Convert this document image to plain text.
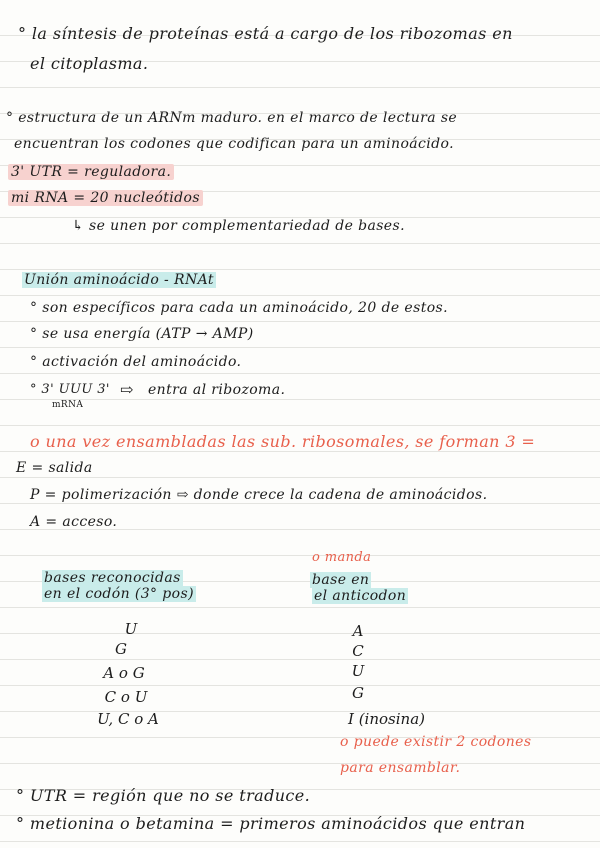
° la síntesis de proteínas está a cargo de los ribozomas en
el citoplasma.
° estructura de un ARNm maduro. en el marco de lectura se
encuentran los codones que codifican para un aminoácido.
3' UTR = reguladora.
mi RNA = 20 nucleótidos
↳ se unen por complementariedad de bases.
Unión aminoácido - RNAt
° son específicos para cada un aminoácido, 20 de estos.
° se usa energía (ATP → AMP)
° activación del aminoácido.
° 3' UUU 3'
mRNA
⇨ entra al ribozoma.
o una vez ensambladas las sub. ribosomales, se forman 3 =
E = salida
P = polimerización ⇨ donde crece la cadena de aminoácidos.
A = acceso.
o manda
bases reconocidas
en el codón (3° pos)
base en
el anticodon
U
G
A o G
C o U
U, C o A
A
C
U
G
I (inosina)
o puede existir 2 codones
para ensamblar.
° UTR = región que no se traduce.
° metionina o betamina = primeros aminoácidos que entran
